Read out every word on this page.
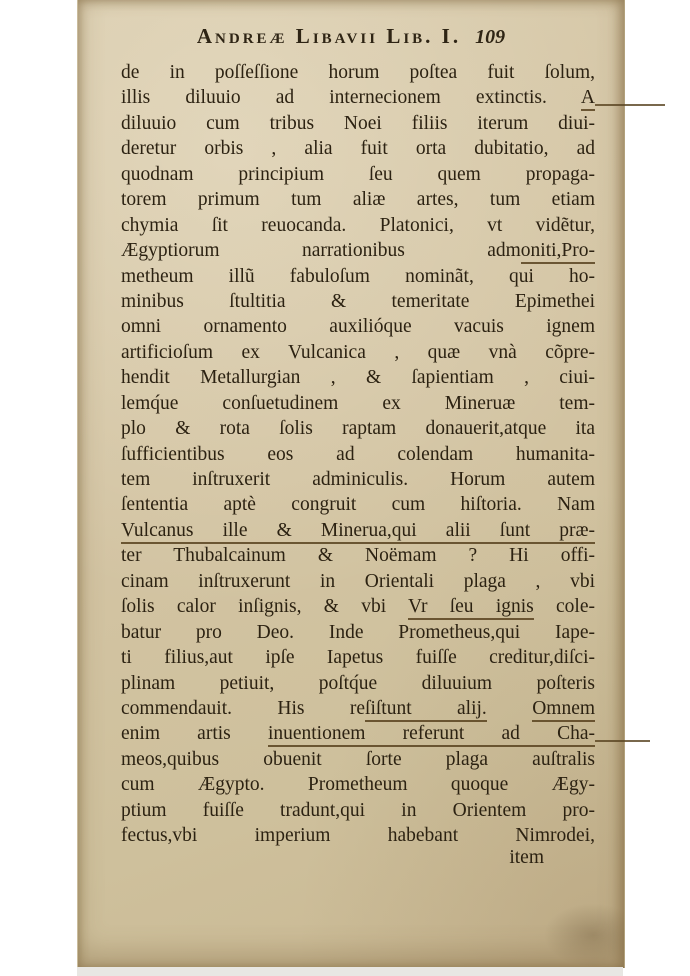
Andreæ Libavii Lib. I. 109
de in poſſeſſione horum poſtea fuit ſolum,
illis diluuio ad internecionem extinctis. A
diluuio cum tribus Noei filiis iterum diui-
deretur orbis , alia fuit orta dubitatio, ad
quodnam principium ſeu quem propaga-
torem primum tum aliæ artes, tum etiam
chymia ſit reuocanda. Platonici, vt vidẽtur,
Ægyptiorum narrationibus admoniti,Pro-
metheum illũ fabuloſum nominãt, qui ho-
minibus ſtultitia & temeritate Epimethei
omni ornamento auxilióque vacuis ignem
artificioſum ex Vulcanica , quæ vnà cõpre-
hendit Metallurgian , & ſapientiam , ciui-
lemq́ue conſuetudinem ex Mineruæ tem-
plo & rota ſolis raptam donauerit,atque ita
ſufficientibus eos ad colendam humanita-
tem inſtruxerit adminiculis. Horum autem
ſententia aptè congruit cum hiſtoria. Nam
Vulcanus ille & Minerua,qui alii ſunt præ-
ter Thubalcainum & Noëmam ? Hi offi-
cinam inſtruxerunt in Orientali plaga , vbi
ſolis calor inſignis, & vbi Vr ſeu ignis cole-
batur pro Deo. Inde Prometheus,qui Iape-
ti filius,aut ipſe Iapetus fuiſſe creditur,diſci-
plinam petiuit, poſtq́ue diluuium poſteris
commendauit. His reſiſtunt alij. Omnem
enim artis inuentionem referunt ad Cha-
meos,quibus obuenit ſorte plaga auſtralis
cum Ægypto. Prometheum quoque Ægy-
ptium fuiſſe tradunt,qui in Orientem pro-
fectus,vbi imperium habebant Nimrodei,
item
